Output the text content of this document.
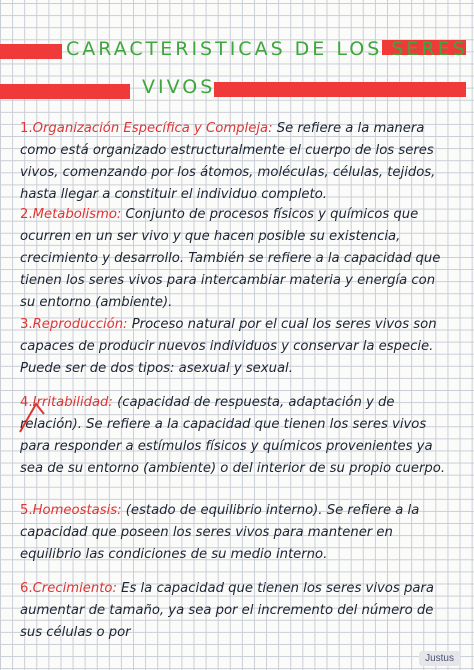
CARACTERISTICAS DE LOS SERES
VIVOS
1.Organización Específica y Compleja: Se refiere a la manera como está organizado estructuralmente el cuerpo de los seres vivos, comenzando por los átomos, moléculas, células, tejidos, hasta llegar a constituir el individuo completo.
2.Metabolismo: Conjunto de procesos físicos y químicos que ocurren en un ser vivo y que hacen posible su existencia, crecimiento y desarrollo. También se refiere a la capacidad que tienen los seres vivos para intercambiar materia y energía con su entorno (ambiente).
3.Reproducción: Proceso natural por el cual los seres vivos son capaces de producir nuevos individuos y conservar la especie. Puede ser de dos tipos: asexual y sexual.
4.Irritabilidad: (capacidad de respuesta, adaptación y de relación). Se refiere a la capacidad que tienen los seres vivos para responder a estímulos físicos y químicos provenientes ya sea de su entorno (ambiente) o del interior de su propio cuerpo.
5.Homeostasis: (estado de equilibrio interno). Se refiere a la capacidad que poseen los seres vivos para mantener en equilibrio las condiciones de su medio interno.
6.Crecimiento: Es la capacidad que tienen los seres vivos para aumentar de tamaño, ya sea por el incremento del número de sus células o por
Justus
